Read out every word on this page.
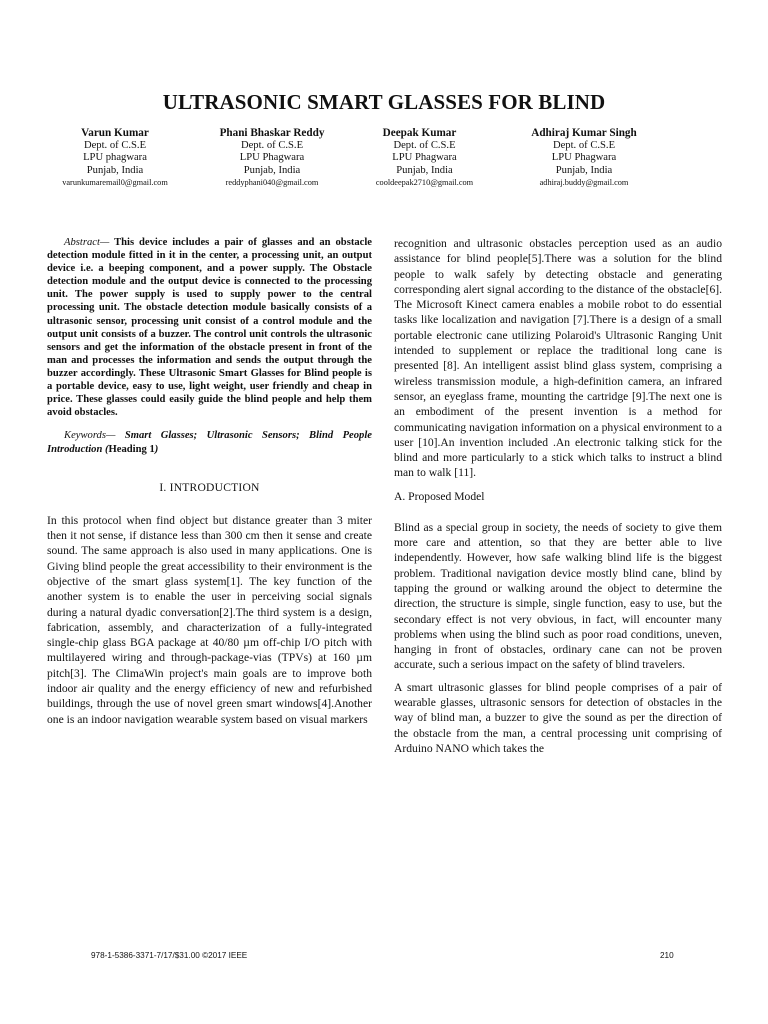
ULTRASONIC SMART GLASSES FOR BLIND
Varun Kumar
Dept. of C.S.E
LPU phagwara
Punjab, India
varunkumaremail0@gmail.com
Phani Bhaskar Reddy
Dept. of C.S.E
LPU Phagwara
Punjab, India
reddyphani040@gmail.com
Deepak Kumar
Dept. of C.S.E
LPU Phagwara
Punjab, India
cooldeepak2710@gmail.com
Adhiraj Kumar Singh
Dept. of C.S.E
LPU Phagwara
Punjab, India
adhiraj.buddy@gmail.com

Abstract— This device includes a pair of glasses and an obstacle detection module fitted in it in the center, a processing unit, an output device i.e. a beeping component, and a power supply. The Obstacle detection module and the output device is connected to the processing unit. The power supply is used to supply power to the central processing unit. The obstacle detection module basically consists of a ultrasonic sensor, processing unit consist of a control module and the output unit consists of a buzzer. The control unit controls the ultrasonic sensors and get the information of the obstacle present in front of the man and processes the information and sends the output through the buzzer accordingly. These Ultrasonic Smart Glasses for Blind people is a portable device, easy to use, light weight, user friendly and cheap in price. These glasses could easily guide the blind people and help them avoid obstacles.

Keywords— Smart Glasses; Ultrasonic Sensors; Blind People Introduction (Heading 1)

I. INTRODUCTION

In this protocol when find object but distance greater than 3 miter then it not sense, if distance less than 300 cm then it sense and create sound. The same approach is also used in many applications. One is Giving blind people the great accessibility to their environment is the objective of the smart glass system[1]. The key function of the another system is to enable the user in perceiving social signals during a natural dyadic conversation[2].The third system is a design, fabrication, assembly, and characterization of a fully-integrated single-chip glass BGA package at 40/80 µm off-chip I/O pitch with multilayered wiring and through-package-vias (TPVs) at 160 µm pitch[3]. The ClimaWin project's main goals are to improve both indoor air quality and the energy efficiency of new and refurbished buildings, through the use of novel green smart windows[4].Another one is an indoor navigation wearable system based on visual markers

recognition and ultrasonic obstacles perception used as an audio assistance for blind people[5].There was a solution for the blind people to walk safely by detecting obstacle and generating corresponding alert signal according to the distance of the obstacle[6]. The Microsoft Kinect camera enables a mobile robot to do essential tasks like localization and navigation [7].There is a design of a small portable electronic cane utilizing Polaroid's Ultrasonic Ranging Unit intended to supplement or replace the traditional long cane is presented [8]. An intelligent assist blind glass system, comprising a wireless transmission module, a high-definition camera, an infrared sensor, an eyeglass frame, mounting the cartridge [9].The next one is an embodiment of the present invention is a method for communicating navigation information on a physical environment to a user [10].An invention included .An electronic talking stick for the blind and more particularly to a stick which talks to instruct a blind man to walk [11].

A. Proposed Model

Blind as a special group in society, the needs of society to give them more care and attention, so that they are better able to live independently. However, how safe walking blind life is the biggest problem. Traditional navigation device mostly blind cane, blind by tapping the ground or walking around the object to determine the direction, the structure is simple, single function, easy to use, but the secondary effect is not very obvious, in fact, will encounter many problems when using the blind such as poor road conditions, uneven, hanging in front of obstacles, ordinary cane can not be proven accurate, such a serious impact on the safety of blind travelers.

A smart ultrasonic glasses for blind people comprises of a pair of wearable glasses, ultrasonic sensors for detection of obstacles in the way of blind man, a buzzer to give the sound as per the direction of the obstacle from the man, a central processing unit comprising of Arduino NANO which takes the

978-1-5386-3371-7/17/$31.00 ©2017 IEEE	210
